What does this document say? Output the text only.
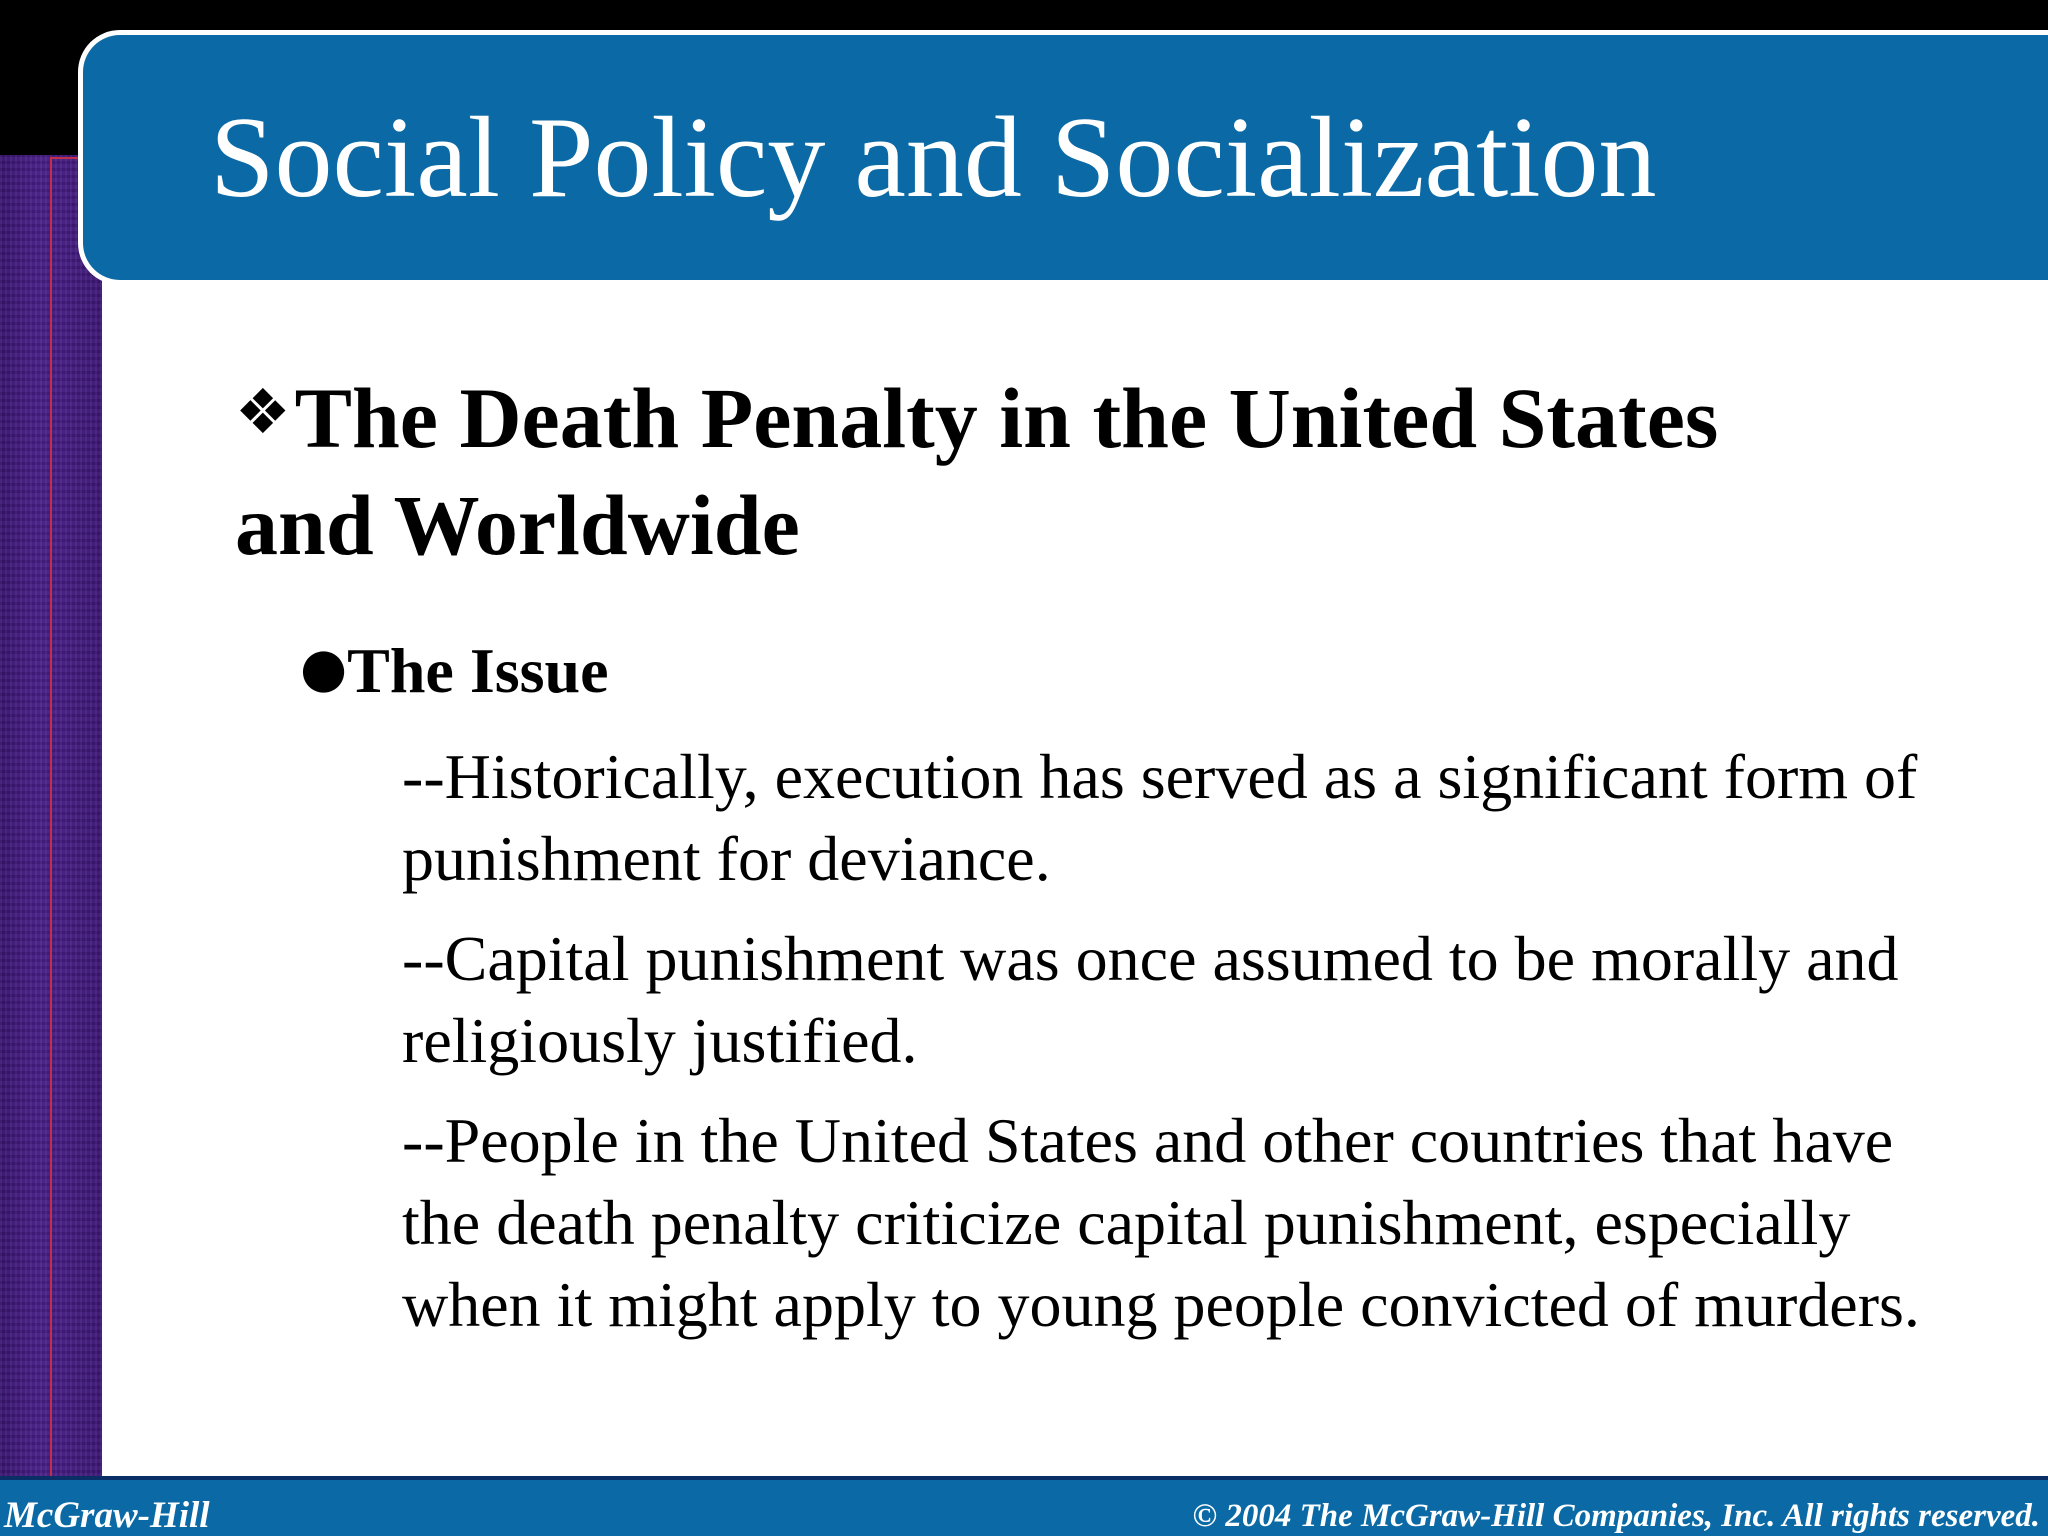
Social Policy and Socialization
❖The Death Penalty in the United States and Worldwide

●The Issue

--Historically, execution has served as a significant form of punishment for deviance.

--Capital punishment was once assumed to be morally and religiously justified.

--People in the United States and other countries that have the death penalty criticize capital punishment, especially when it might apply to young people convicted of murders.

McGraw-Hill	© 2004 The McGraw-Hill Companies, Inc. All rights reserved.
